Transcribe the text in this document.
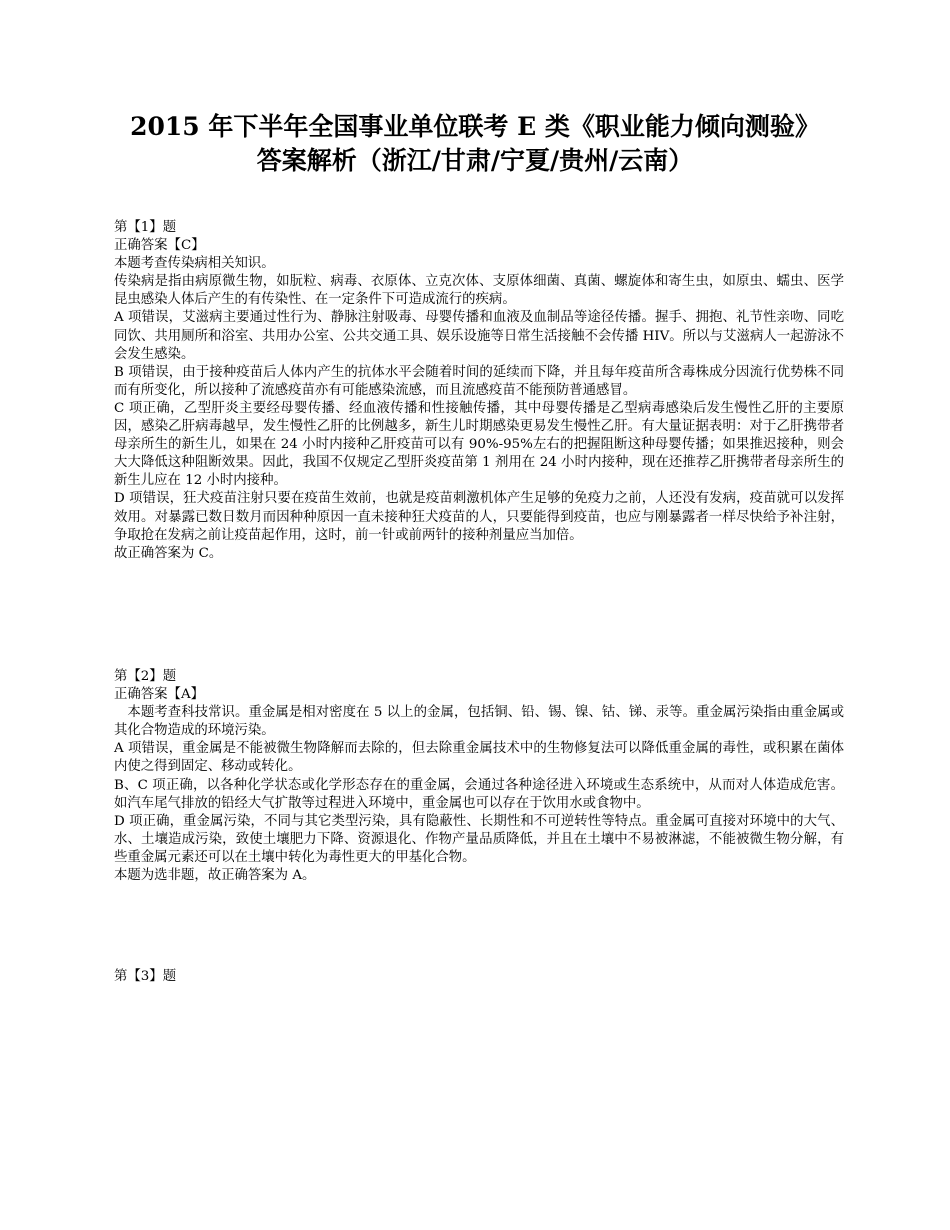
2015 年下半年全国事业单位联考 E 类《职业能力倾向测验》
答案解析（浙江/甘肃/宁夏/贵州/云南）

第【1】题

正确答案【C】

本题考查传染病相关知识。

传染病是指由病原微生物，如朊粒、病毒、衣原体、立克次体、支原体细菌、真菌、螺旋体和寄生虫，如原虫、蠕虫、医学昆虫感染人体后产生的有传染性、在一定条件下可造成流行的疾病。

A 项错误，艾滋病主要通过性行为、静脉注射吸毒、母婴传播和血液及血制品等途径传播。握手、拥抱、礼节性亲吻、同吃同饮、共用厕所和浴室、共用办公室、公共交通工具、娱乐设施等日常生活接触不会传播 HIV。所以与艾滋病人一起游泳不会发生感染。

B 项错误，由于接种疫苗后人体内产生的抗体水平会随着时间的延续而下降，并且每年疫苗所含毒株成分因流行优势株不同而有所变化，所以接种了流感疫苗亦有可能感染流感，而且流感疫苗不能预防普通感冒。

C 项正确，乙型肝炎主要经母婴传播、经血液传播和性接触传播，其中母婴传播是乙型病毒感染后发生慢性乙肝的主要原因，感染乙肝病毒越早，发生慢性乙肝的比例越多，新生儿时期感染更易发生慢性乙肝。有大量证据表明：对于乙肝携带者母亲所生的新生儿，如果在 24 小时内接种乙肝疫苗可以有 90%-95%左右的把握阻断这种母婴传播；如果推迟接种，则会大大降低这种阻断效果。因此，我国不仅规定乙型肝炎疫苗第 1 剂用在 24 小时内接种，现在还推荐乙肝携带者母亲所生的新生儿应在 12 小时内接种。

D 项错误，狂犬疫苗注射只要在疫苗生效前，也就是疫苗刺激机体产生足够的免疫力之前，人还没有发病，疫苗就可以发挥效用。对暴露已数日数月而因种种原因一直未接种狂犬疫苗的人，只要能得到疫苗，也应与刚暴露者一样尽快给予补注射，争取抢在发病之前让疫苗起作用，这时，前一针或前两针的接种剂量应当加倍。

故正确答案为 C。

第【2】题

正确答案【A】

本题考查科技常识。重金属是相对密度在 5 以上的金属，包括铜、铅、锡、镍、钴、锑、汞等。重金属污染指由重金属或其化合物造成的环境污染。

A 项错误，重金属是不能被微生物降解而去除的，但去除重金属技术中的生物修复法可以降低重金属的毒性，或积累在菌体内使之得到固定、移动或转化。

B、C 项正确，以各种化学状态或化学形态存在的重金属，会通过各种途径进入环境或生态系统中，从而对人体造成危害。如汽车尾气排放的铅经大气扩散等过程进入环境中，重金属也可以存在于饮用水或食物中。

D 项正确，重金属污染，不同与其它类型污染，具有隐蔽性、长期性和不可逆转性等特点。重金属可直接对环境中的大气、水、土壤造成污染，致使土壤肥力下降、资源退化、作物产量品质降低，并且在土壤中不易被淋滤，不能被微生物分解，有些重金属元素还可以在土壤中转化为毒性更大的甲基化合物。

本题为选非题，故正确答案为 A。

第【3】题
